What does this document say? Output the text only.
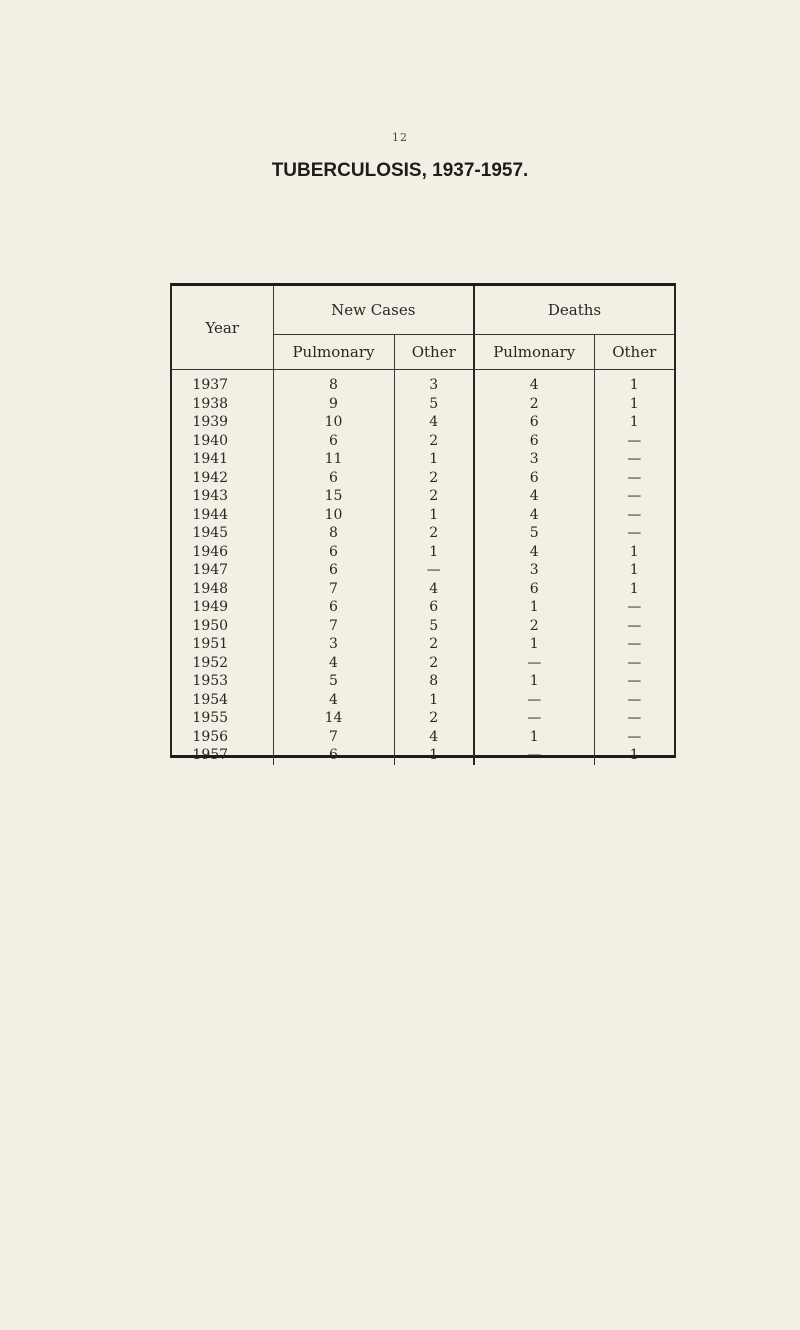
12
TUBERCULOSIS, 1937-1957.
Year	New Cases		Deaths	
	Pulmonary	Other	Pulmonary	Other
1937	8	3	4	1
1938	9	5	2	1
1939	10	4	6	1
1940	6	2	6	—
1941	11	1	3	—
1942	6	2	6	—
1943	15	2	4	—
1944	10	1	4	—
1945	8	2	5	—
1946	6	1	4	1
1947	6	—	3	1
1948	7	4	6	1
1949	6	6	1	—
1950	7	5	2	—
1951	3	2	1	—
1952	4	2	—	—
1953	5	8	1	—
1954	4	1	—	—
1955	14	2	—	—
1956	7	4	1	—
1957	6	1	—	1
